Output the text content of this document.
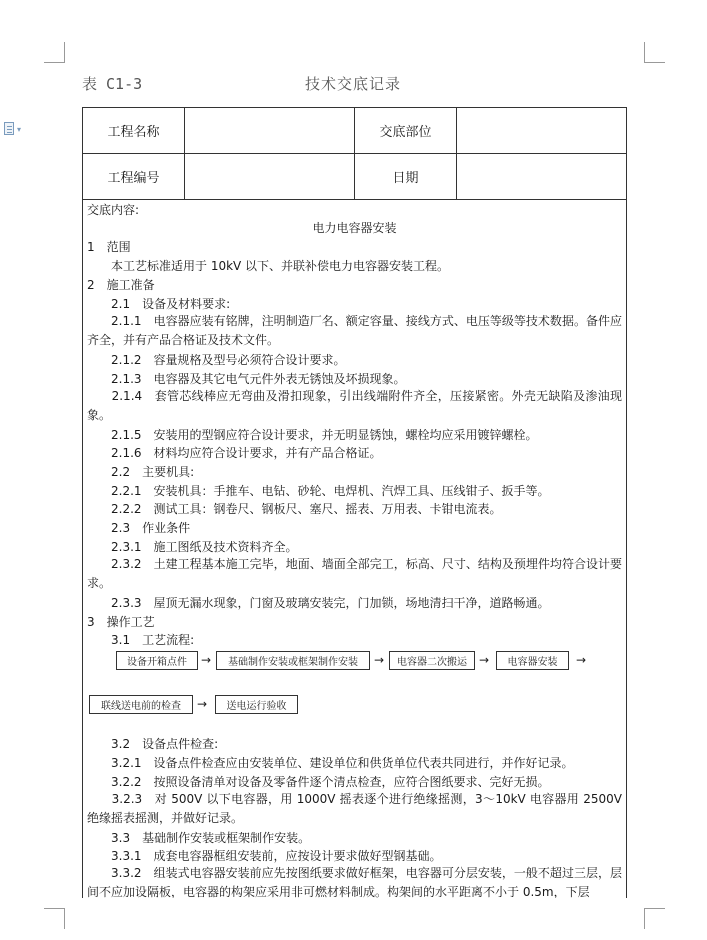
▾
表 C1-3	技术交底记录
工程名称	交底部位
工程编号	日期
交底内容:
电力电容器安装
1　范围
　　本工艺标准适用于 10kV 以下、并联补偿电力电容器安装工程。
2　施工准备
　　2.1　设备及材料要求:
　　2.1.1　电容器应装有铭牌，注明制造厂名、额定容量、接线方式、电压等级等技术数据。备件应齐全，并有产品合格证及技术文件。
　　2.1.2　容量规格及型号必须符合设计要求。
　　2.1.3　电容器及其它电气元件外表无锈蚀及坏损现象。
　　2.1.4　套管芯线棒应无弯曲及滑扣现象，引出线端附件齐全，压接紧密。外壳无缺陷及渗油现象。
　　2.1.5　安装用的型钢应符合设计要求，并无明显锈蚀，螺栓均应采用镀锌螺栓。
　　2.1.6　材料均应符合设计要求，并有产品合格证。
　　2.2　主要机具:
　　2.2.1　安装机具：手推车、电钻、砂轮、电焊机、汽焊工具、压线钳子、扳手等。
　　2.2.2　测试工具：钢卷尺、钢板尺、塞尺、摇表、万用表、卡钳电流表。
　　2.3　作业条件
　　2.3.1　施工图纸及技术资料齐全。
　　2.3.2　土建工程基本施工完毕，地面、墙面全部完工，标高、尺寸、结构及预埋件均符合设计要求。
　　2.3.3　屋顶无漏水现象，门窗及玻璃安装完，门加锁，场地清扫干净，道路畅通。
3　操作工艺
　　3.1　工艺流程:
设备开箱点件	→	基础制作安装或框架制作安装	→	电容器二次搬运	→	电容器安装	→
联线送电前的检查	→	送电运行验收
　　3.2　设备点件检查:
　　3.2.1　设备点件检查应由安装单位、建设单位和供货单位代表共同进行，并作好记录。
　　3.2.2　按照设备清单对设备及零备件逐个清点检查，应符合图纸要求、完好无损。
　　3.2.3　对 500V 以下电容器，用 1000V 摇表逐个进行绝缘摇测，3～10kV 电容器用 2500V 绝缘摇表摇测，并做好记录。
　　3.3　基础制作安装或框架制作安装。
　　3.3.1　成套电容器框组安装前，应按设计要求做好型钢基础。
　　3.3.2　组装式电容器安装前应先按图纸要求做好框架，电容器可分层安装，一般不超过三层，层间不应加设隔板，电容器的构架应采用非可燃材料制成。构架间的水平距离不小于 0.5m，下层
